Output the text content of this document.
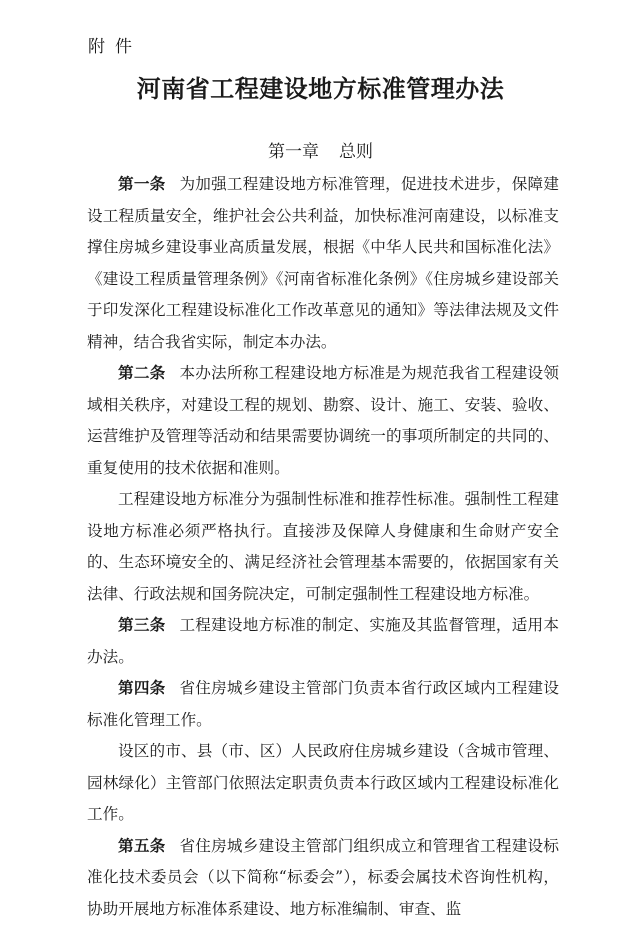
附件
河南省工程建设地方标准管理办法
第一章 总则

第一条 为加强工程建设地方标准管理，促进技术进步，保障建设工程质量安全，维护社会公共利益，加快标准河南建设，以标准支撑住房城乡建设事业高质量发展，根据《中华人民共和国标准化法》《建设工程质量管理条例》《河南省标准化条例》《住房城乡建设部关于印发深化工程建设标准化工作改革意见的通知》等法律法规及文件精神，结合我省实际，制定本办法。

第二条 本办法所称工程建设地方标准是为规范我省工程建设领域相关秩序，对建设工程的规划、勘察、设计、施工、安装、验收、运营维护及管理等活动和结果需要协调统一的事项所制定的共同的、重复使用的技术依据和准则。

工程建设地方标准分为强制性标准和推荐性标准。强制性工程建设地方标准必须严格执行。直接涉及保障人身健康和生命财产安全的、生态环境安全的、满足经济社会管理基本需要的，依据国家有关法律、行政法规和国务院决定，可制定强制性工程建设地方标准。

第三条 工程建设地方标准的制定、实施及其监督管理，适用本办法。

第四条 省住房城乡建设主管部门负责本省行政区域内工程建设标准化管理工作。

设区的市、县（市、区）人民政府住房城乡建设（含城市管理、园林绿化）主管部门依照法定职责负责本行政区域内工程建设标准化工作。

第五条 省住房城乡建设主管部门组织成立和管理省工程建设标准化技术委员会（以下简称“标委会”），标委会属技术咨询性机构，协助开展地方标准体系建设、地方标准编制、审查、监
